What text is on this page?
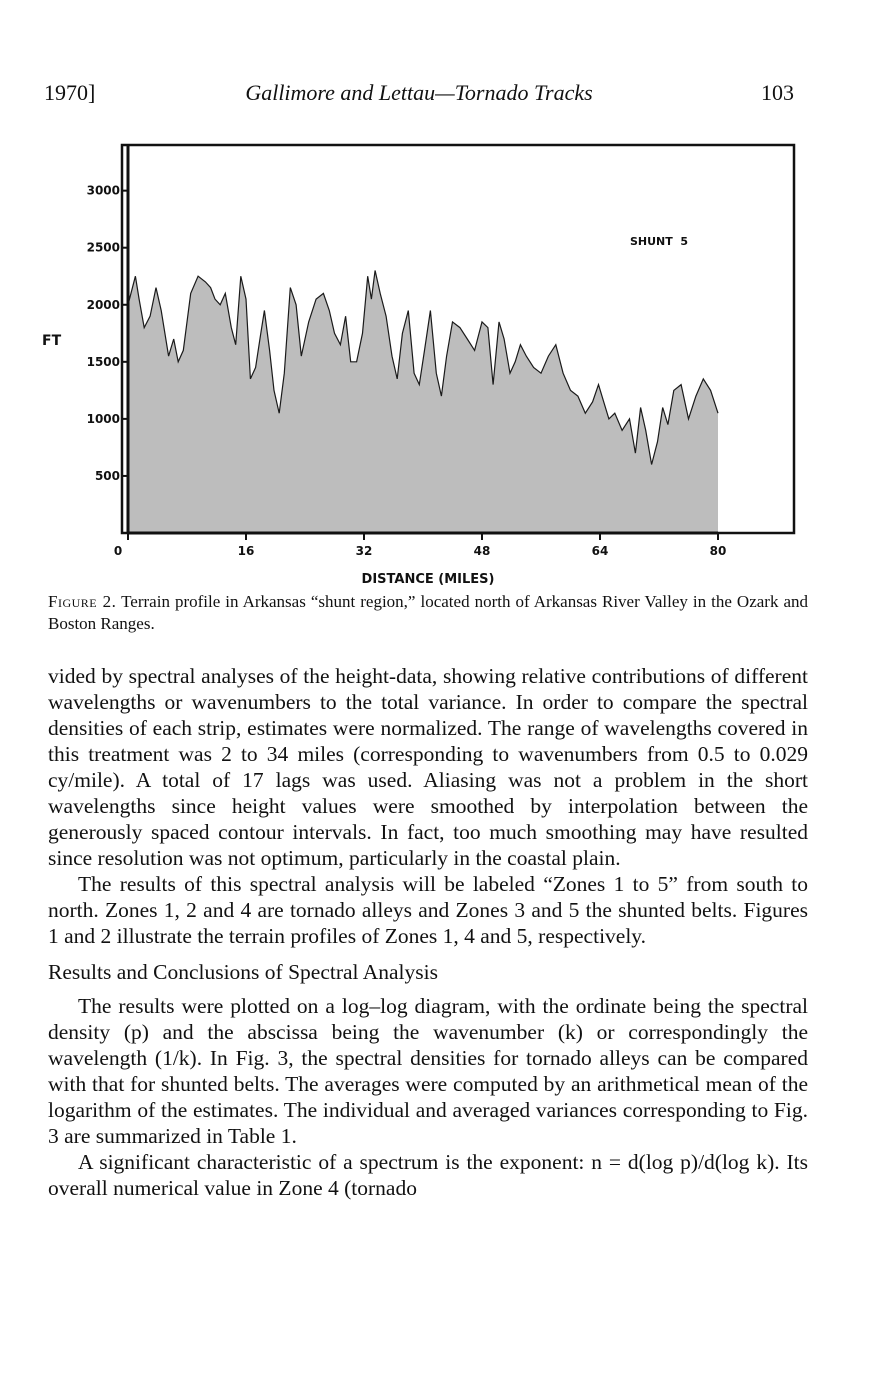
1970]	Gallimore and Lettau—Tornado Tracks	103
500
1000
1500
2000
2500
3000
0	16	32	48	64	80
FT
DISTANCE (MILES)
SHUNT  5
Figure 2. Terrain profile in Arkansas “shunt region,” located north of Arkansas River Valley in the Ozark and Boston Ranges.

vided by spectral analyses of the height-data, showing relative contributions of different wavelengths or wavenumbers to the total variance. In order to compare the spectral densities of each strip, estimates were normalized. The range of wavelengths covered in this treatment was 2 to 34 miles (corresponding to wavenumbers from 0.5 to 0.029 cy/mile). A total of 17 lags was used. Aliasing was not a problem in the short wavelengths since height values were smoothed by interpolation between the generously spaced contour intervals. In fact, too much smoothing may have resulted since resolution was not optimum, particularly in the coastal plain.

The results of this spectral analysis will be labeled “Zones 1 to 5” from south to north. Zones 1, 2 and 4 are tornado alleys and Zones 3 and 5 the shunted belts. Figures 1 and 2 illustrate the terrain profiles of Zones 1, 4 and 5, respectively.

Results and Conclusions of Spectral Analysis

The results were plotted on a log–log diagram, with the ordinate being the spectral density (p) and the abscissa being the wavenumber (k) or correspondingly the wavelength (1/k). In Fig. 3, the spectral densities for tornado alleys can be compared with that for shunted belts. The averages were computed by an arithmetical mean of the logarithm of the estimates. The individual and averaged variances corresponding to Fig. 3 are summarized in Table 1.

A significant characteristic of a spectrum is the exponent: n = d(log p)/d(log k). Its overall numerical value in Zone 4 (tornado
